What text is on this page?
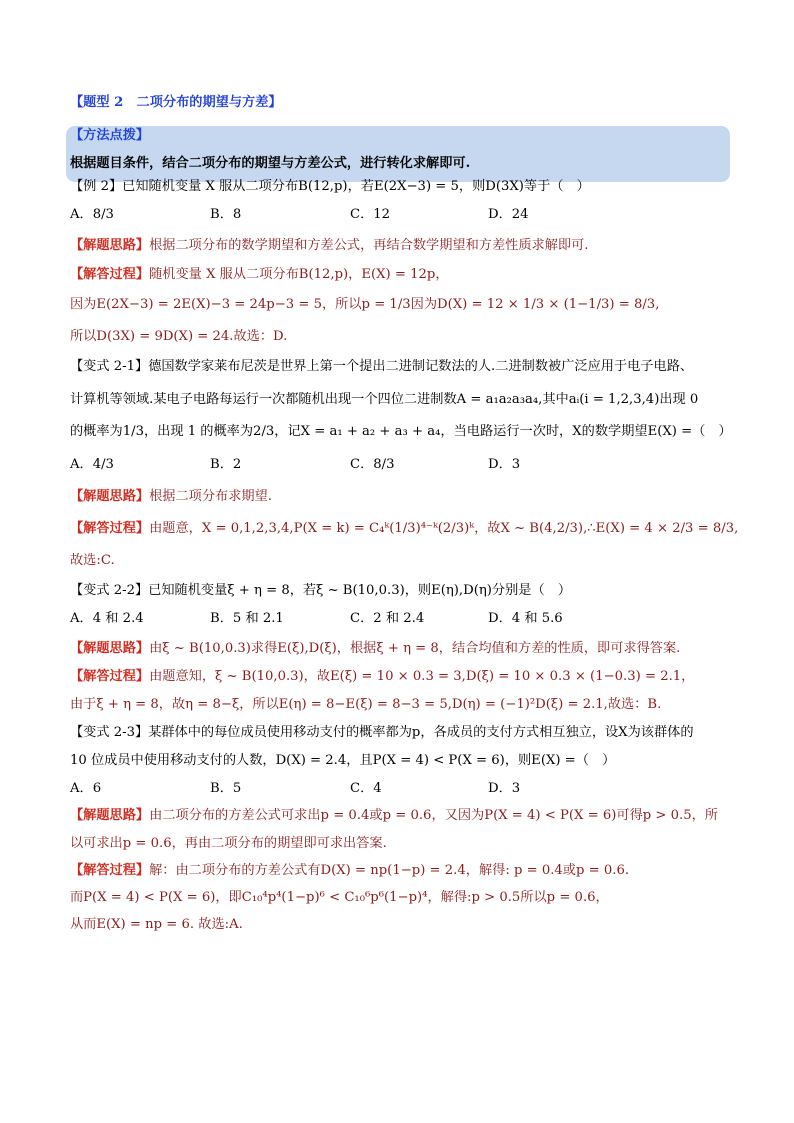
【题型 2　二项分布的期望与方差】
【方法点拨】
根据题目条件，结合二项分布的期望与方差公式，进行转化求解即可.
【例 2】已知随机变量 X 服从二项分布B(12,p)，若E(2X−3) = 5，则D(3X)等于（　）
A．8/3	B．8	C．12	D．24
【解题思路】根据二项分布的数学期望和方差公式，再结合数学期望和方差性质求解即可.
【解答过程】随机变量 X 服从二项分布B(12,p)，E(X) = 12p，
因为E(2X−3) = 2E(X)−3 = 24p−3 = 5，所以p = 1/3因为D(X) = 12 × 1/3 × (1−1/3) = 8/3,
所以D(3X) = 9D(X) = 24.故选：D.
【变式 2-1】德国数学家莱布尼茨是世界上第一个提出二进制记数法的人.二进制数被广泛应用于电子电路、
计算机等领域.某电子电路每运行一次都随机出现一个四位二进制数A = a₁a₂a₃a₄,其中aᵢ(i = 1,2,3,4)出现 0
的概率为1/3，出现 1 的概率为2/3，记X = a₁ + a₂ + a₃ + a₄，当电路运行一次时，X的数学期望E(X) =（　）
A．4/3	B．2	C．8/3	D．3
【解题思路】根据二项分布求期望.
【解答过程】由题意，X = 0,1,2,3,4,P(X = k) = C₄ᵏ(1/3)⁴⁻ᵏ(2/3)ᵏ，故X ~ B(4,2/3),∴E(X) = 4 × 2/3 = 8/3,
故选:C.
【变式 2-2】已知随机变量ξ + η = 8，若ξ ~ B(10,0.3)，则E(η),D(η)分别是（　）
A．4 和 2.4	B．5 和 2.1	C．2 和 2.4	D．4 和 5.6
【解题思路】由ξ ~ B(10,0.3)求得E(ξ),D(ξ)，根据ξ + η = 8，结合均值和方差的性质，即可求得答案.
【解答过程】由题意知，ξ ~ B(10,0.3)，故E(ξ) = 10 × 0.3 = 3,D(ξ) = 10 × 0.3 × (1−0.3) = 2.1，
由于ξ + η = 8，故η = 8−ξ，所以E(η) = 8−E(ξ) = 8−3 = 5,D(η) = (−1)²D(ξ) = 2.1,故选：B.
【变式 2-3】某群体中的每位成员使用移动支付的概率都为p，各成员的支付方式相互独立，设X为该群体的
10 位成员中使用移动支付的人数，D(X) = 2.4，且P(X = 4) < P(X = 6)，则E(X) =（　）
A．6	B．5	C．4	D．3
【解题思路】由二项分布的方差公式可求出p = 0.4或p = 0.6，又因为P(X = 4) < P(X = 6)可得p > 0.5，所
以可求出p = 0.6，再由二项分布的期望即可求出答案.
【解答过程】解：由二项分布的方差公式有D(X) = np(1−p) = 2.4，解得: p = 0.4或p = 0.6.
而P(X = 4) < P(X = 6)，即C₁₀⁴p⁴(1−p)⁶ < C₁₀⁶p⁶(1−p)⁴，解得:p > 0.5所以p = 0.6，
从而E(X) = np = 6. 故选:A.
